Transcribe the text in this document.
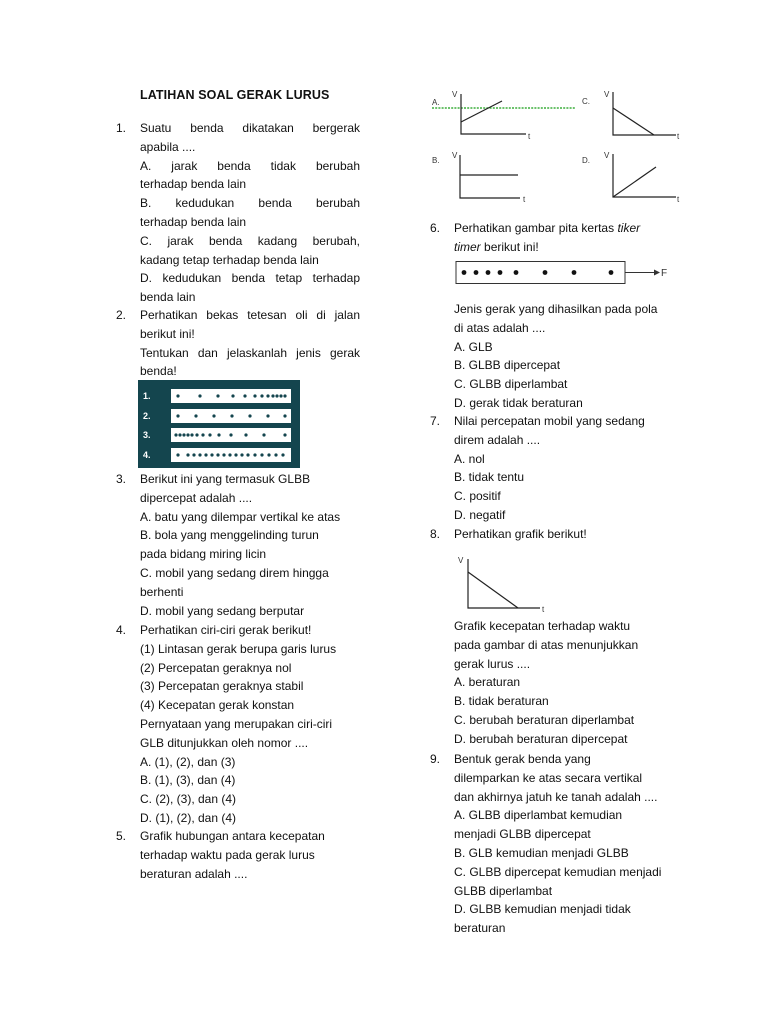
LATIHAN SOAL GERAK LURUS
1. Suatu benda dikatakan bergerak

apabila ....

A. jarak benda tidak berubah

terhadap benda lain

B. kedudukan benda berubah

terhadap benda lain

C. jarak benda kadang berubah,

kadang tetap terhadap benda lain

D. kedudukan benda tetap terhadap

benda lain

2. Perhatikan bekas tetesan oli di jalan

berikut ini!

Tentukan dan jelaskanlah jenis gerak

benda!

1.
2.
3.
4.
3. Berikut ini yang termasuk GLBB

dipercepat adalah ....

A. batu yang dilempar vertikal ke atas

B. bola yang menggelinding turun

pada bidang miring licin

C. mobil yang sedang direm hingga

berhenti

D. mobil yang sedang berputar

4. Perhatikan ciri-ciri gerak berikut!

(1) Lintasan gerak berupa garis lurus

(2) Percepatan geraknya nol

(3) Percepatan geraknya stabil

(4) Kecepatan gerak konstan

Pernyataan yang merupakan ciri-ciri

GLB ditunjukkan oleh nomor ....

A. (1), (2), dan (3)

B. (1), (3), dan (4)

C. (2), (3), dan (4)

D. (1), (2), dan (4)

5. Grafik hubungan antara kecepatan

terhadap waktu pada gerak lurus

beraturan adalah ....

A.
V
t
C.
V
t
B.
V
t
D.
V
t
6. Perhatikan gambar pita kertas tiker

timer berikut ini!

F

Jenis gerak yang dihasilkan pada pola

di atas adalah ....

A. GLB

B. GLBB dipercepat

C. GLBB diperlambat

D. gerak tidak beraturan

7. Nilai percepatan mobil yang sedang

direm adalah ....

A. nol

B. tidak tentu

C. positif

D. negatif

8. Perhatikan grafik berikut!

V
t

Grafik kecepatan terhadap waktu

pada gambar di atas menunjukkan

gerak lurus ....

A. beraturan

B. tidak beraturan

C. berubah beraturan diperlambat

D. berubah beraturan dipercepat

9. Bentuk gerak benda yang

dilemparkan ke atas secara vertikal

dan akhirnya jatuh ke tanah adalah ....

A. GLBB diperlambat kemudian

menjadi GLBB dipercepat

B. GLB kemudian menjadi GLBB

C. GLBB dipercepat kemudian menjadi

GLBB diperlambat

D. GLBB kemudian menjadi tidak

beraturan
